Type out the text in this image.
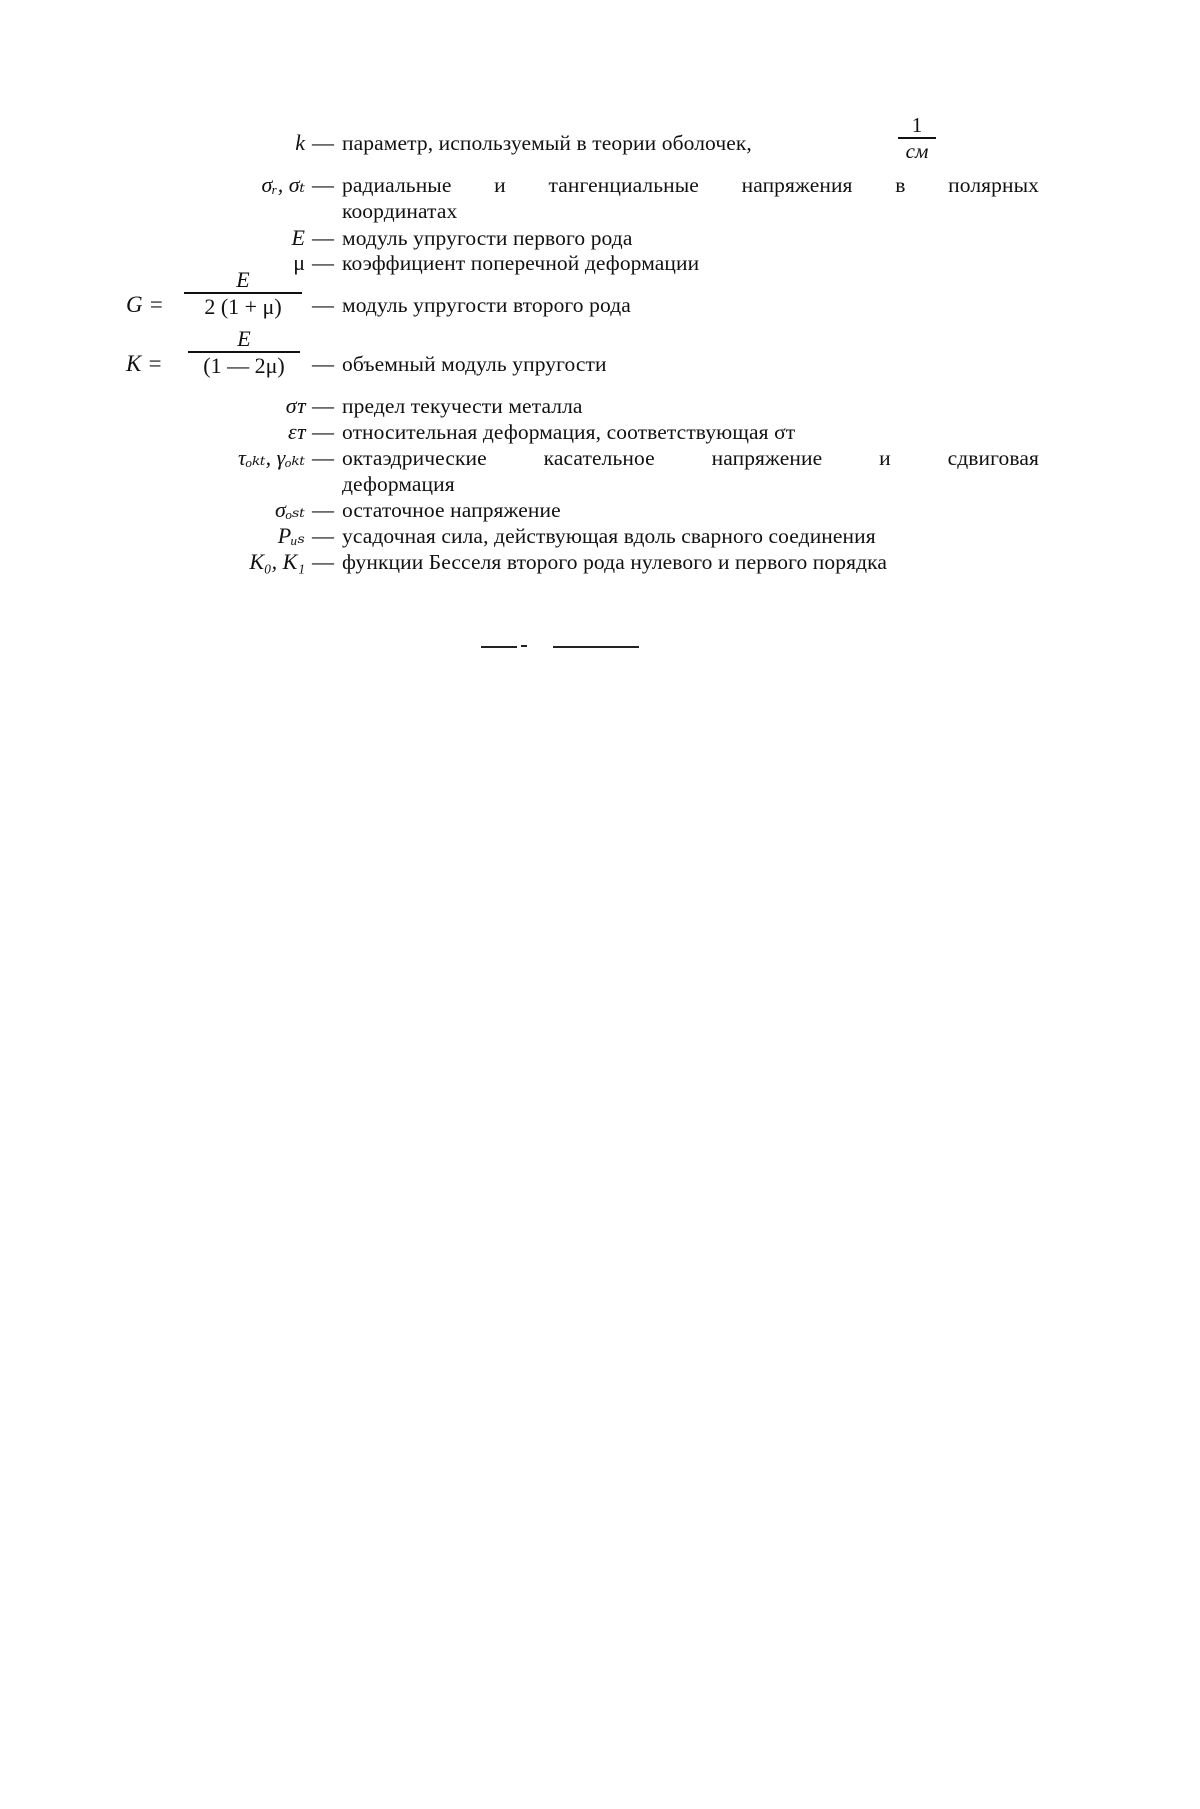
k — параметр, используемый в теории оболочек,
1
см
σᵣ, σₜ — радиальные и тангенциальные напряжения в полярных
координатах
E — модуль упругости первого рода
μ — коэффициент поперечной деформации
G =
E
2 (1 + μ)	— модуль упругости второго рода
K =
E
(1 — 2μ)	— объемный модуль упругости
σᴛ — предел текучести металла
εᴛ — относительная деформация, соответствующая σᴛ
τₒₖₜ, γₒₖₜ — октаэдрические касательное напряжение и сдвиговая
деформация
σₒₛₜ — остаточное напряжение
Pᵤₛ — усадочная сила, действующая вдоль сварного соединения
K₀, K₁ — функции Бесселя второго рода нулевого и первого порядка
